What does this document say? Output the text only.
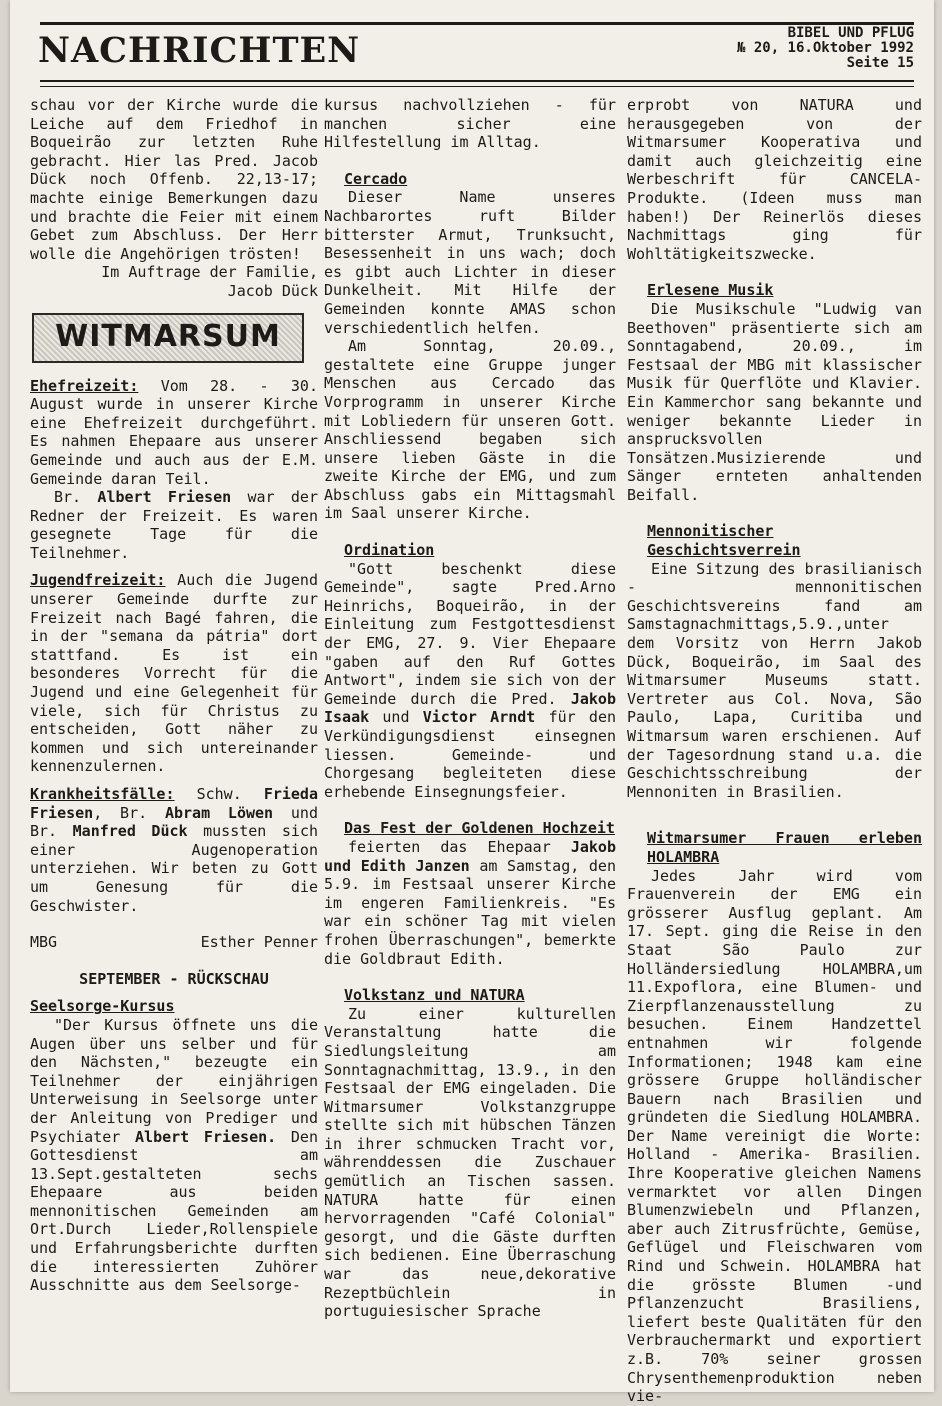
NACHRICHTEN	BIBEL UND PFLUG
№ 20, 16.Oktober 1992
Seite 15

schau vor der Kirche wurde die Leiche auf dem Friedhof in Boqueirão zur letzten Ruhe gebracht. Hier las Pred. Jacob Dück noch Offenb. 22,13-17; machte einige Bemerkungen dazu und brachte die Feier mit einem Gebet zum Abschluss. Der Herr wolle die Angehörigen trösten!

Im Auftrage der Familie,

Jacob Dück

WITMARSUM

Ehefreizeit: Vom 28. - 30. August wurde in unserer Kirche eine Ehefreizeit durchgeführt. Es nahmen Ehepaare aus unserer Gemeinde und auch aus der E.M. Gemeinde daran Teil.

Br. Albert Friesen war der Redner der Freizeit. Es waren gesegnete Tage für die Teilnehmer.

Jugendfreizeit: Auch die Jugend unserer Gemeinde durfte zur Freizeit nach Bagé fahren, die in der "semana da pátria" dort stattfand. Es ist ein besonderes Vorrecht für die Jugend und eine Gelegenheit für viele, sich für Christus zu entscheiden, Gott näher zu kommen und sich untereinander kennenzulernen.

Krankheitsfälle: Schw. Frieda Friesen, Br. Abram Löwen und Br. Manfred Dück mussten sich einer Augenoperation unterziehen. Wir beten zu Gott um Genesung für die Geschwister.

MBG	Esther Penner

SEPTEMBER - RÜCKSCHAU

Seelsorge-Kursus

"Der Kursus öffnete uns die Augen über uns selber und für den Nächsten," bezeugte ein Teilnehmer der einjährigen Unterweisung in Seelsorge unter der Anleitung von Prediger und Psychiater Albert Friesen. Den Gottesdienst am 13.Sept.gestalteten sechs Ehepaare aus beiden mennonitischen Gemeinden am Ort.Durch Lieder,Rollenspiele und Erfahrungsberichte durften die interessierten Zuhörer Ausschnitte aus dem Seelsorge-

kursus nachvollziehen - für manchen sicher eine Hilfestellung im Alltag.

Cercado

Dieser Name unseres Nachbarortes ruft Bilder bitterster Armut, Trunksucht, Besessenheit in uns wach; doch es gibt auch Lichter in dieser Dunkelheit. Mit Hilfe der Gemeinden konnte AMAS schon verschiedentlich helfen.

Am Sonntag, 20.09., gestaltete eine Gruppe junger Menschen aus Cercado das Vorprogramm in unserer Kirche mit Lobliedern für unseren Gott. Anschliessend begaben sich unsere lieben Gäste in die zweite Kirche der EMG, und zum Abschluss gabs ein Mittagsmahl im Saal unserer Kirche.

Ordination

"Gott beschenkt diese Gemeinde", sagte Pred.Arno Heinrichs, Boqueirão, in der Einleitung zum Festgottesdienst der EMG, 27. 9. Vier Ehepaare "gaben auf den Ruf Gottes Antwort", indem sie sich von der Gemeinde durch die Pred. Jakob Isaak und Victor Arndt für den Verkündigungsdienst einsegnen liessen. Gemeinde- und Chorgesang begleiteten diese erhebende Einsegnungsfeier.

Das Fest der Goldenen Hochzeit

feierten das Ehepaar Jakob und Edith Janzen am Samstag, den 5.9. im Festsaal unserer Kirche im engeren Familienkreis. "Es war ein schöner Tag mit vielen frohen Überraschungen", bemerkte die Goldbraut Edith.

Volkstanz und NATURA

Zu einer kulturellen Veranstaltung hatte die Siedlungsleitung am Sonntagnachmittag, 13.9., in den Festsaal der EMG eingeladen. Die Witmarsumer Volkstanzgruppe stellte sich mit hübschen Tänzen in ihrer schmucken Tracht vor, währenddessen die Zuschauer gemütlich an Tischen sassen. NATURA hatte für einen hervorragenden "Café Colonial" gesorgt, und die Gäste durften sich bedienen. Eine Überraschung war das neue,dekorative Rezeptbüchlein in portuguiesischer Sprache

erprobt von NATURA und herausgegeben von der Witmarsumer Kooperativa und damit auch gleichzeitig eine Werbeschrift für CANCELA-Produkte. (Ideen muss man haben!) Der Reinerlös dieses Nachmittags ging für Wohltätigkeitszwecke.

Erlesene Musik

Die Musikschule "Ludwig van Beethoven" präsentierte sich am Sonntagabend, 20.09., im Festsaal der MBG mit klassischer Musik für Querflöte und Klavier. Ein Kammerchor sang bekannte und weniger bekannte Lieder in ansprucksvollen Tonsätzen.Musizierende und Sänger ernteten anhaltenden Beifall.

Mennonitischer Geschichtsverrein

Eine Sitzung des brasilianisch - mennonitischen Geschichtsvereins fand am Samstagnachmittags,5.9.,unter dem Vorsitz von Herrn Jakob Dück, Boqueirão, im Saal des Witmarsumer Museums statt. Vertreter aus Col. Nova, São Paulo, Lapa, Curitiba und Witmarsum waren erschienen. Auf der Tagesordnung stand u.a. die Geschichtsschreibung der Mennoniten in Brasilien.

Witmarsumer Frauen erleben HOLAMBRA

Jedes Jahr wird vom Frauenverein der EMG ein grösserer Ausflug geplant. Am 17. Sept. ging die Reise in den Staat São Paulo zur Holländersiedlung HOLAMBRA,um 11.Expoflora, eine Blumen- und Zierpflanzenausstellung zu besuchen. Einem Handzettel entnahmen wir folgende Informationen; 1948 kam eine grössere Gruppe holländischer Bauern nach Brasilien und gründeten die Siedlung HOLAMBRA. Der Name vereinigt die Worte: Holland - Amerika- Brasilien. Ihre Kooperative gleichen Namens vermarktet vor allen Dingen Blumenzwiebeln und Pflanzen, aber auch Zitrusfrüchte, Gemüse, Geflügel und Fleischwaren vom Rind und Schwein. HOLAMBRA hat die grösste Blumen -und Pflanzenzucht Brasiliens, liefert beste Qualitäten für den Verbrauchermarkt und exportiert z.B. 70% seiner grossen Chrysenthemenproduktion neben vie-
